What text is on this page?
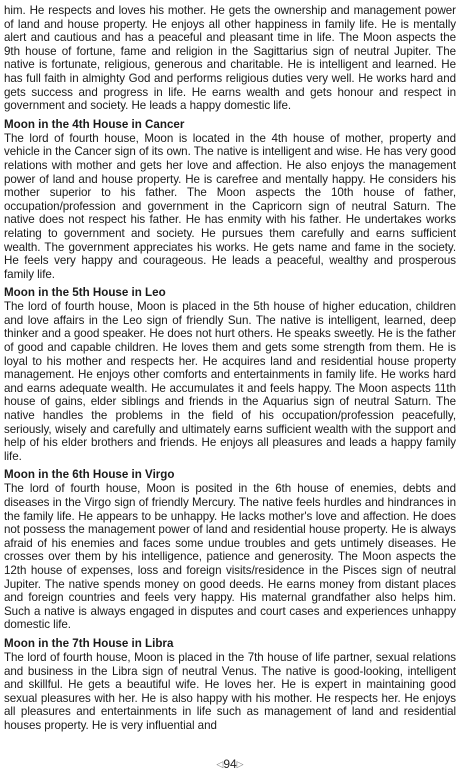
him. He respects and loves his mother. He gets the ownership and management power of land and house property. He enjoys all other happiness in family life. He is mentally alert and cautious and has a peaceful and pleasant time in life. The Moon aspects the 9th house of fortune, fame and religion in the Sagittarius sign of neutral Jupiter. The native is fortunate, religious, generous and charitable. He is intelligent and learned. He has full faith in almighty God and performs religious duties very well. He works hard and gets success and progress in life. He earns wealth and gets honour and respect in government and society. He leads a happy domestic life.

Moon in the 4th House in Cancer

The lord of fourth house, Moon is located in the 4th house of mother, property and vehicle in the Cancer sign of its own. The native is intelligent and wise. He has very good relations with mother and gets her love and affection. He also enjoys the management power of land and house property. He is carefree and mentally happy. He considers his mother superior to his father. The Moon aspects the 10th house of father, occupation/profession and government in the Capricorn sign of neutral Saturn. The native does not respect his father. He has enmity with his father. He undertakes works relating to government and society. He pursues them carefully and earns sufficient wealth. The government appreciates his works. He gets name and fame in the society. He feels very happy and courageous. He leads a peaceful, wealthy and prosperous family life.

Moon in the 5th House in Leo

The lord of fourth house, Moon is placed in the 5th house of higher education, children and love affairs in the Leo sign of friendly Sun. The native is intelligent, learned, deep thinker and a good speaker. He does not hurt others. He speaks sweetly. He is the father of good and capable children. He loves them and gets some strength from them. He is loyal to his mother and respects her. He acquires land and residential house property management. He enjoys other comforts and entertainments in family life. He works hard and earns adequate wealth. He accumulates it and feels happy. The Moon aspects 11th house of gains, elder siblings and friends in the Aquarius sign of neutral Saturn. The native handles the problems in the field of his occupation/profession peacefully, seriously, wisely and carefully and ultimately earns sufficient wealth with the support and help of his elder brothers and friends. He enjoys all pleasures and leads a happy family life.

Moon in the 6th House in Virgo

The lord of fourth house, Moon is posited in the 6th house of enemies, debts and diseases in the Virgo sign of friendly Mercury. The native feels hurdles and hindrances in the family life. He appears to be unhappy. He lacks mother's love and affection. He does not possess the management power of land and residential house property. He is always afraid of his enemies and faces some undue troubles and gets untimely diseases. He crosses over them by his intelligence, patience and generosity. The Moon aspects the 12th house of expenses, loss and foreign visits/residence in the Pisces sign of neutral Jupiter. The native spends money on good deeds. He earns money from distant places and foreign countries and feels very happy. His maternal grandfather also helps him. Such a native is always engaged in disputes and court cases and experiences unhappy domestic life.

Moon in the 7th House in Libra

The lord of fourth house, Moon is placed in the 7th house of life partner, sexual relations and business in the Libra sign of neutral Venus. The native is good-looking, intelligent and skillful. He gets a beautiful wife. He loves her. He is expert in maintaining good sexual pleasures with her. He is also happy with his mother. He respects her. He enjoys all pleasures and entertainments in life such as management of land and residential houses property. He is very influential and

◁94▷
